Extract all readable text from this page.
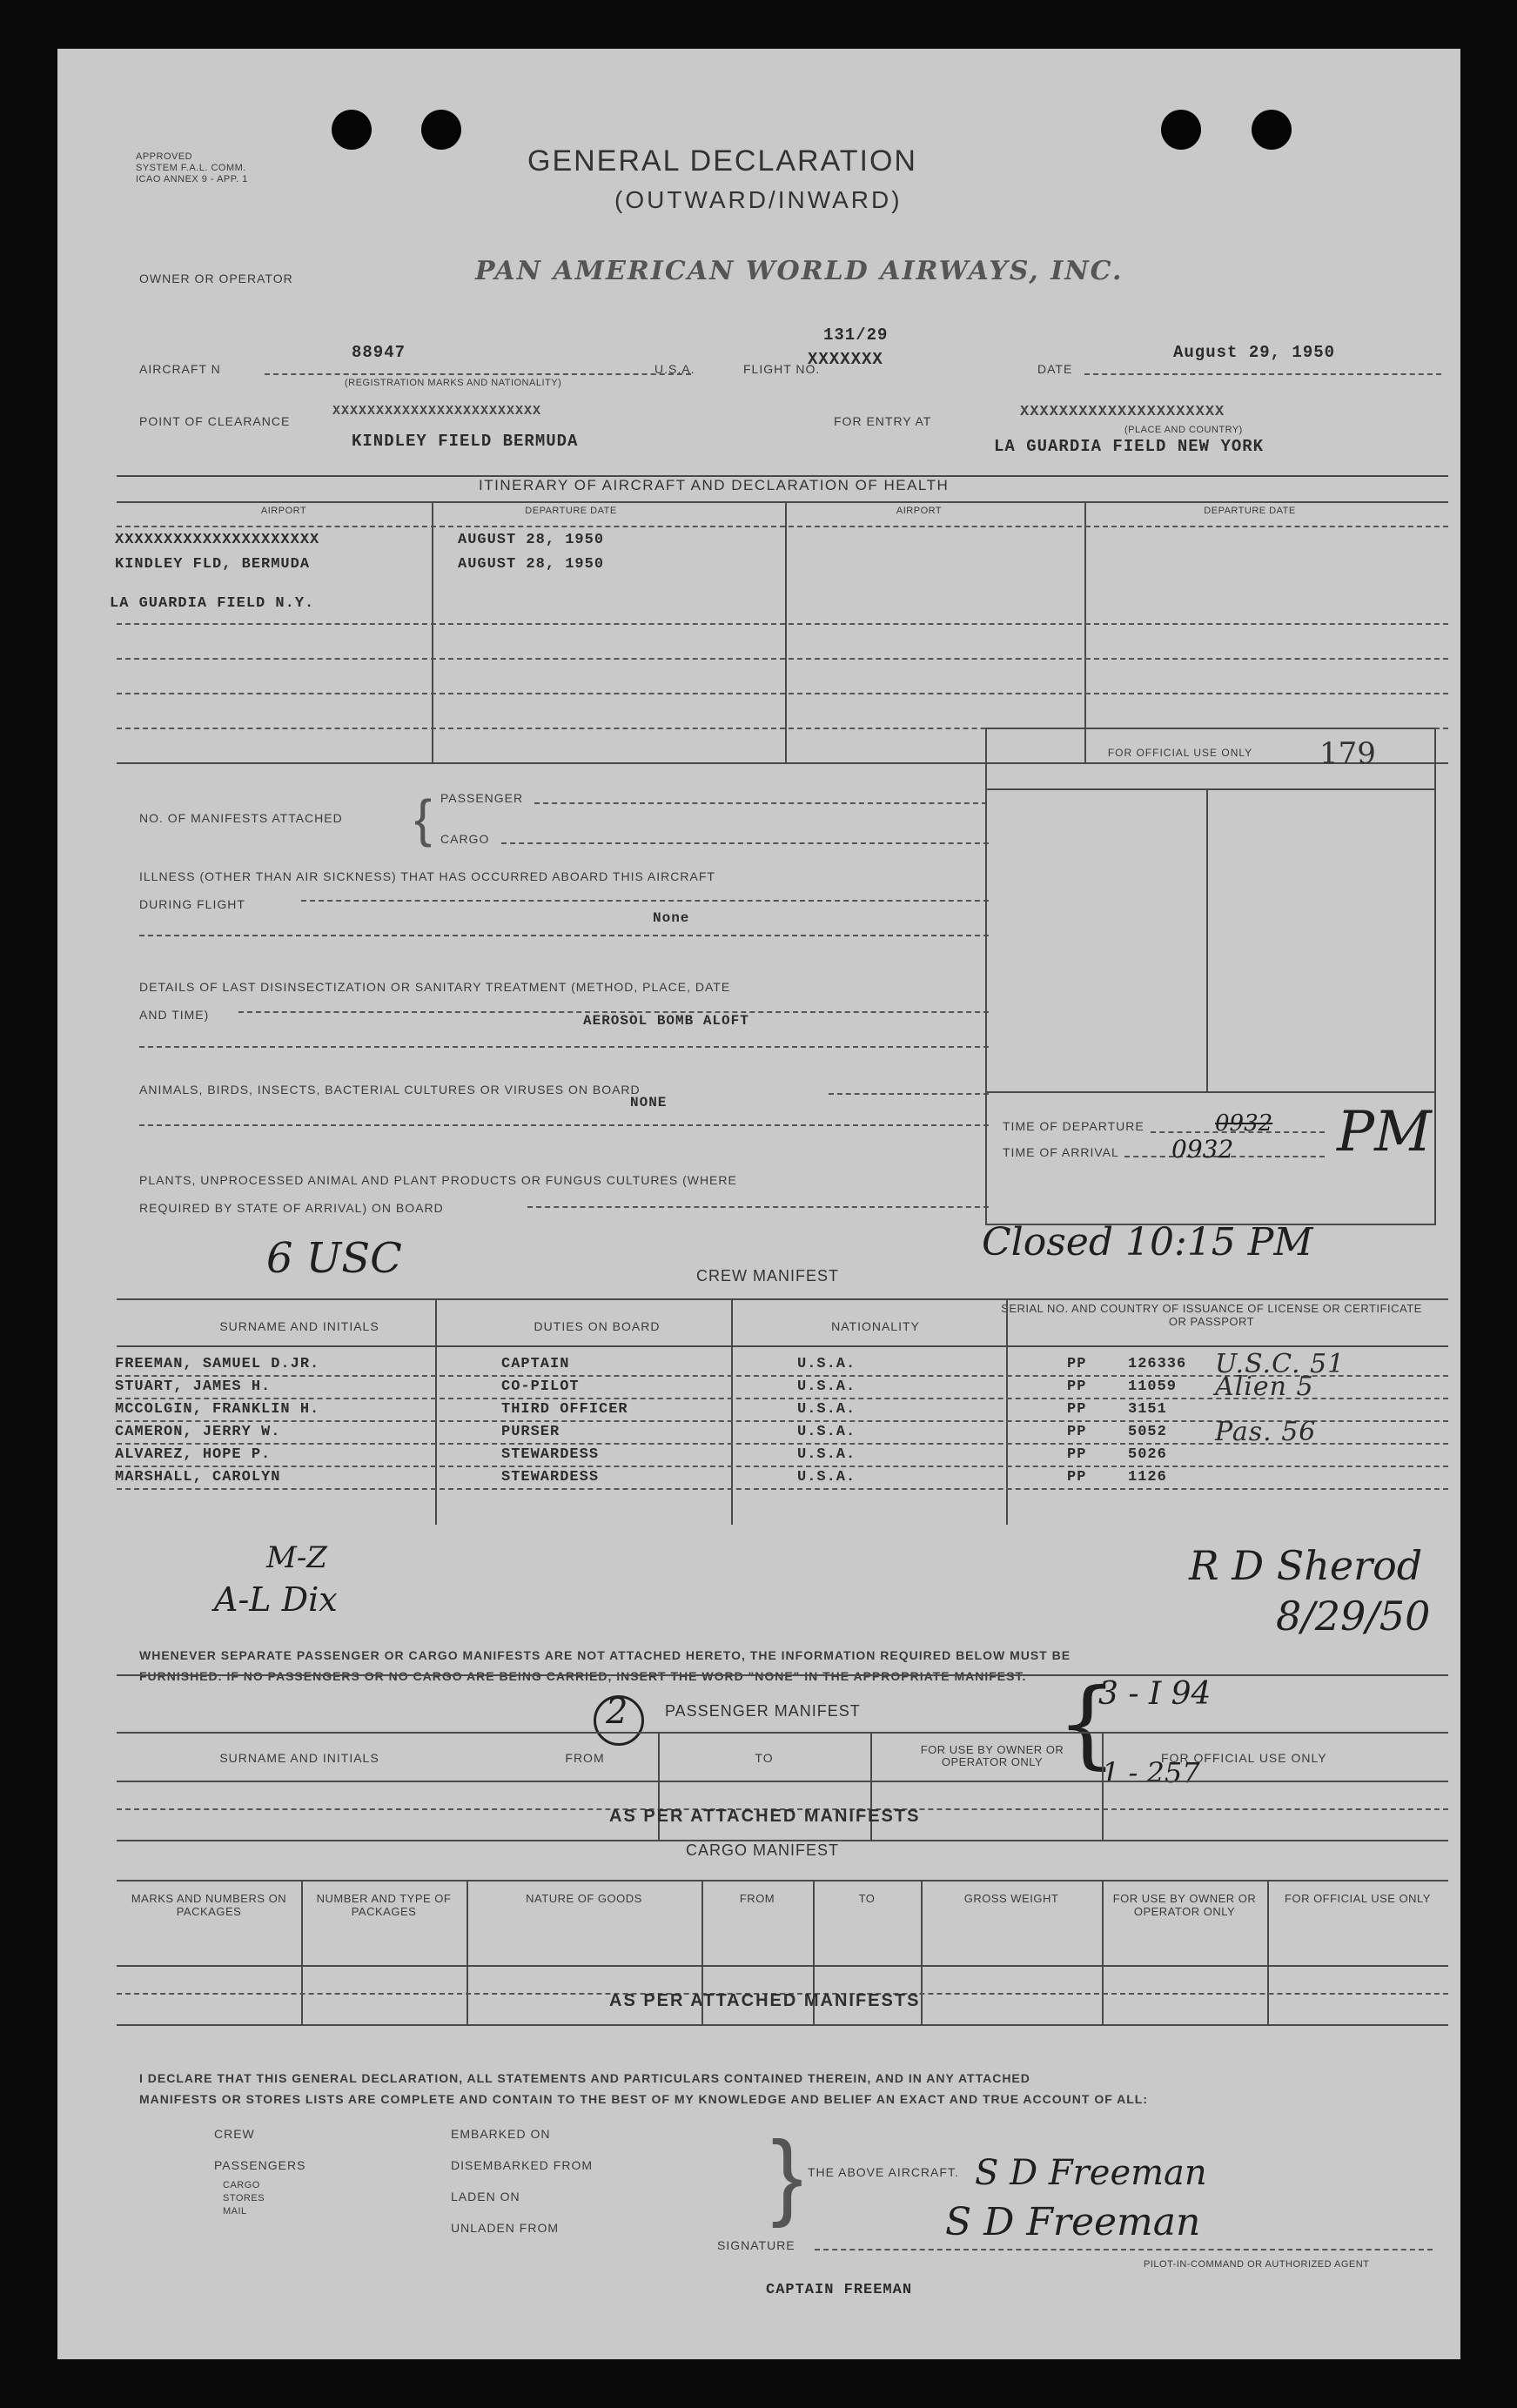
APPROVED
SYSTEM F.A.L. COMM.
ICAO ANNEX 9 - APP. 1
GENERAL DECLARATION
(OUTWARD/INWARD)
OWNER OR OPERATOR	PAN AMERICAN WORLD AIRWAYS, INC.
AIRCRAFT N
88947
(REGISTRATION MARKS AND NATIONALITY)
U.S.A.	FLIGHT NO.
131/29
XXXXXXX	DATE
August 29, 1950
POINT OF CLEARANCE
XXXXXXXXXXXXXXXXXXXXXXXX
KINDLEY FIELD BERMUDA
FOR ENTRY AT
XXXXXXXXXXXXXXXXXXXXX
(PLACE AND COUNTRY)
LA GUARDIA FIELD NEW YORK
ITINERARY OF AIRCRAFT AND DECLARATION OF HEALTH
AIRPORT	DEPARTURE DATE	AIRPORT	DEPARTURE DATE
XXXXXXXXXXXXXXXXXXXXX	AUGUST 28, 1950
KINDLEY FLD, BERMUDA	AUGUST 28, 1950
LA GUARDIA FIELD N.Y.
NO. OF MANIFESTS ATTACHED { PASSENGER
CARGO
ILLNESS (OTHER THAN AIR SICKNESS) THAT HAS OCCURRED ABOARD THIS AIRCRAFT
DURING FLIGHT
None
DETAILS OF LAST DISINSECTIZATION OR SANITARY TREATMENT (METHOD, PLACE, DATE
AND TIME)	AEROSOL BOMB ALOFT
ANIMALS, BIRDS, INSECTS, BACTERIAL CULTURES OR VIRUSES ON BOARD
NONE
PLANTS, UNPROCESSED ANIMAL AND PLANT PRODUCTS OR FUNGUS CULTURES (WHERE
REQUIRED BY STATE OF ARRIVAL) ON BOARD
FOR OFFICIAL USE ONLY	179
TIME OF DEPARTURE	0932
TIME OF ARRIVAL 0932 PM
Closed 10:15 PM
6 USC	CREW MANIFEST
SURNAME AND INITIALS	DUTIES ON BOARD	NATIONALITY
SERIAL NO. AND COUNTRY OF ISSUANCE OF LICENSE OR CERTIFICATE OR PASSPORT
FREEMAN, SAMUEL D.JR.	CAPTAIN	U.S.A.	PP	126336 U.S.C. 51
STUART, JAMES H.	CO-PILOT	U.S.A.	PP	11059 Alien 5
MCCOLGIN, FRANKLIN H.	THIRD OFFICER	U.S.A.	PP	3151
CAMERON, JERRY W.	PURSER	U.S.A.	PP	5052 Pas. 56
ALVAREZ, HOPE P.	STEWARDESS	U.S.A.	PP	5026
MARSHALL, CAROLYN	STEWARDESS	U.S.A.	PP	1126
M-Z
A-L Dix
R D Sherod
8/29/50
WHENEVER SEPARATE PASSENGER OR CARGO MANIFESTS ARE NOT ATTACHED HERETO, THE INFORMATION REQUIRED BELOW MUST BE
FURNISHED. IF NO PASSENGERS OR NO CARGO ARE BEING CARRIED, INSERT THE WORD "NONE" IN THE APPROPRIATE MANIFEST.
2 PASSENGER MANIFEST {
3 - I 94
1 - 257
SURNAME AND INITIALS	FROM	TO
FOR USE BY OWNER OR OPERATOR ONLY	FOR OFFICIAL USE ONLY
AS PER ATTACHED MANIFESTS
CARGO MANIFEST
MARKS AND NUMBERS ON PACKAGES
NUMBER AND TYPE OF PACKAGES
NATURE OF GOODS	FROM	TO	GROSS WEIGHT	FOR USE BY OWNER OR OPERATOR ONLY
FOR OFFICIAL USE ONLY
AS PER ATTACHED MANIFESTS
I DECLARE THAT THIS GENERAL DECLARATION, ALL STATEMENTS AND PARTICULARS CONTAINED THEREIN, AND IN ANY ATTACHED
MANIFESTS OR STORES LISTS ARE COMPLETE AND CONTAIN TO THE BEST OF MY KNOWLEDGE AND BELIEF AN EXACT AND TRUE ACCOUNT OF ALL:
CREW
PASSENGERS
CARGO
STORES
MAIL
EMBARKED ON
DISEMBARKED FROM
LADEN ON
UNLADEN FROM	} THE ABOVE AIRCRAFT.
SIGNATURE
PILOT-IN-COMMAND OR AUTHORIZED AGENT
S D Freeman
S D Freeman
CAPTAIN FREEMAN
